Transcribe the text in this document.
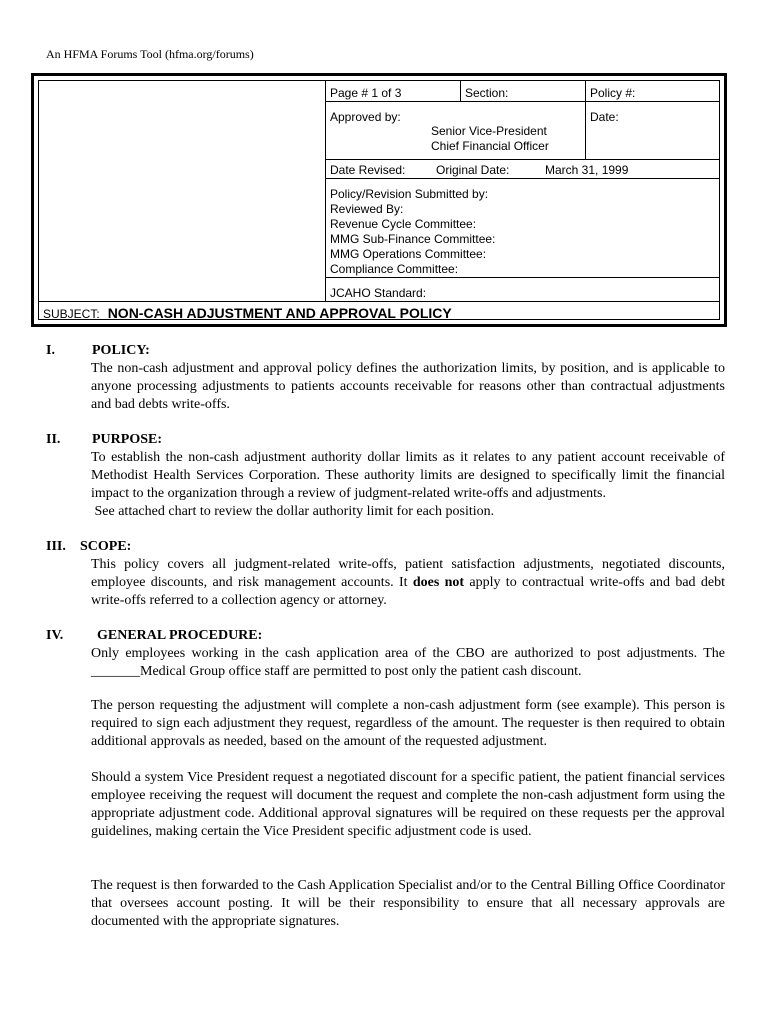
An HFMA Forums Tool (hfma.org/forums)
Page # 1 of 3	Section:	Policy #:
Approved by:
Senior Vice-President
Chief Financial Officer
Date:
Date Revised:	Original Date:	March 31, 1999
Policy/Revision Submitted by:
Reviewed By:
Revenue Cycle Committee:
MMG Sub-Finance Committee:
MMG Operations Committee:
Compliance Committee:
JCAHO Standard:
SUBJECT: NON-CASH ADJUSTMENT AND APPROVAL POLICY
I.	POLICY:
The non-cash adjustment and approval policy defines the authorization limits, by position, and is applicable to anyone processing adjustments to patients accounts receivable for reasons other than contractual adjustments and bad debts write-offs.
II. PURPOSE:
To establish the non-cash adjustment authority dollar limits as it relates to any patient account receivable of Methodist Health Services Corporation. These authority limits are designed to specifically limit the financial impact to the organization through a review of judgment-related write-offs and adjustments.
See attached chart to review the dollar authority limit for each position.
III. SCOPE:
This policy covers all judgment-related write-offs, patient satisfaction adjustments, negotiated discounts, employee discounts, and risk management accounts. It does not apply to contractual write-offs and bad debt write-offs referred to a collection agency or attorney.
IV. GENERAL PROCEDURE:
Only employees working in the cash application area of the CBO are authorized to post adjustments. The _______Medical Group office staff are permitted to post only the patient cash discount.
The person requesting the adjustment will complete a non-cash adjustment form (see example). This person is required to sign each adjustment they request, regardless of the amount. The requester is then required to obtain additional approvals as needed, based on the amount of the requested adjustment.
Should a system Vice President request a negotiated discount for a specific patient, the patient financial services employee receiving the request will document the request and complete the non-cash adjustment form using the appropriate adjustment code. Additional approval signatures will be required on these requests per the approval guidelines, making certain the Vice President specific adjustment code is used.
The request is then forwarded to the Cash Application Specialist and/or to the Central Billing Office Coordinator that oversees account posting. It will be their responsibility to ensure that all necessary approvals are documented with the appropriate signatures.
